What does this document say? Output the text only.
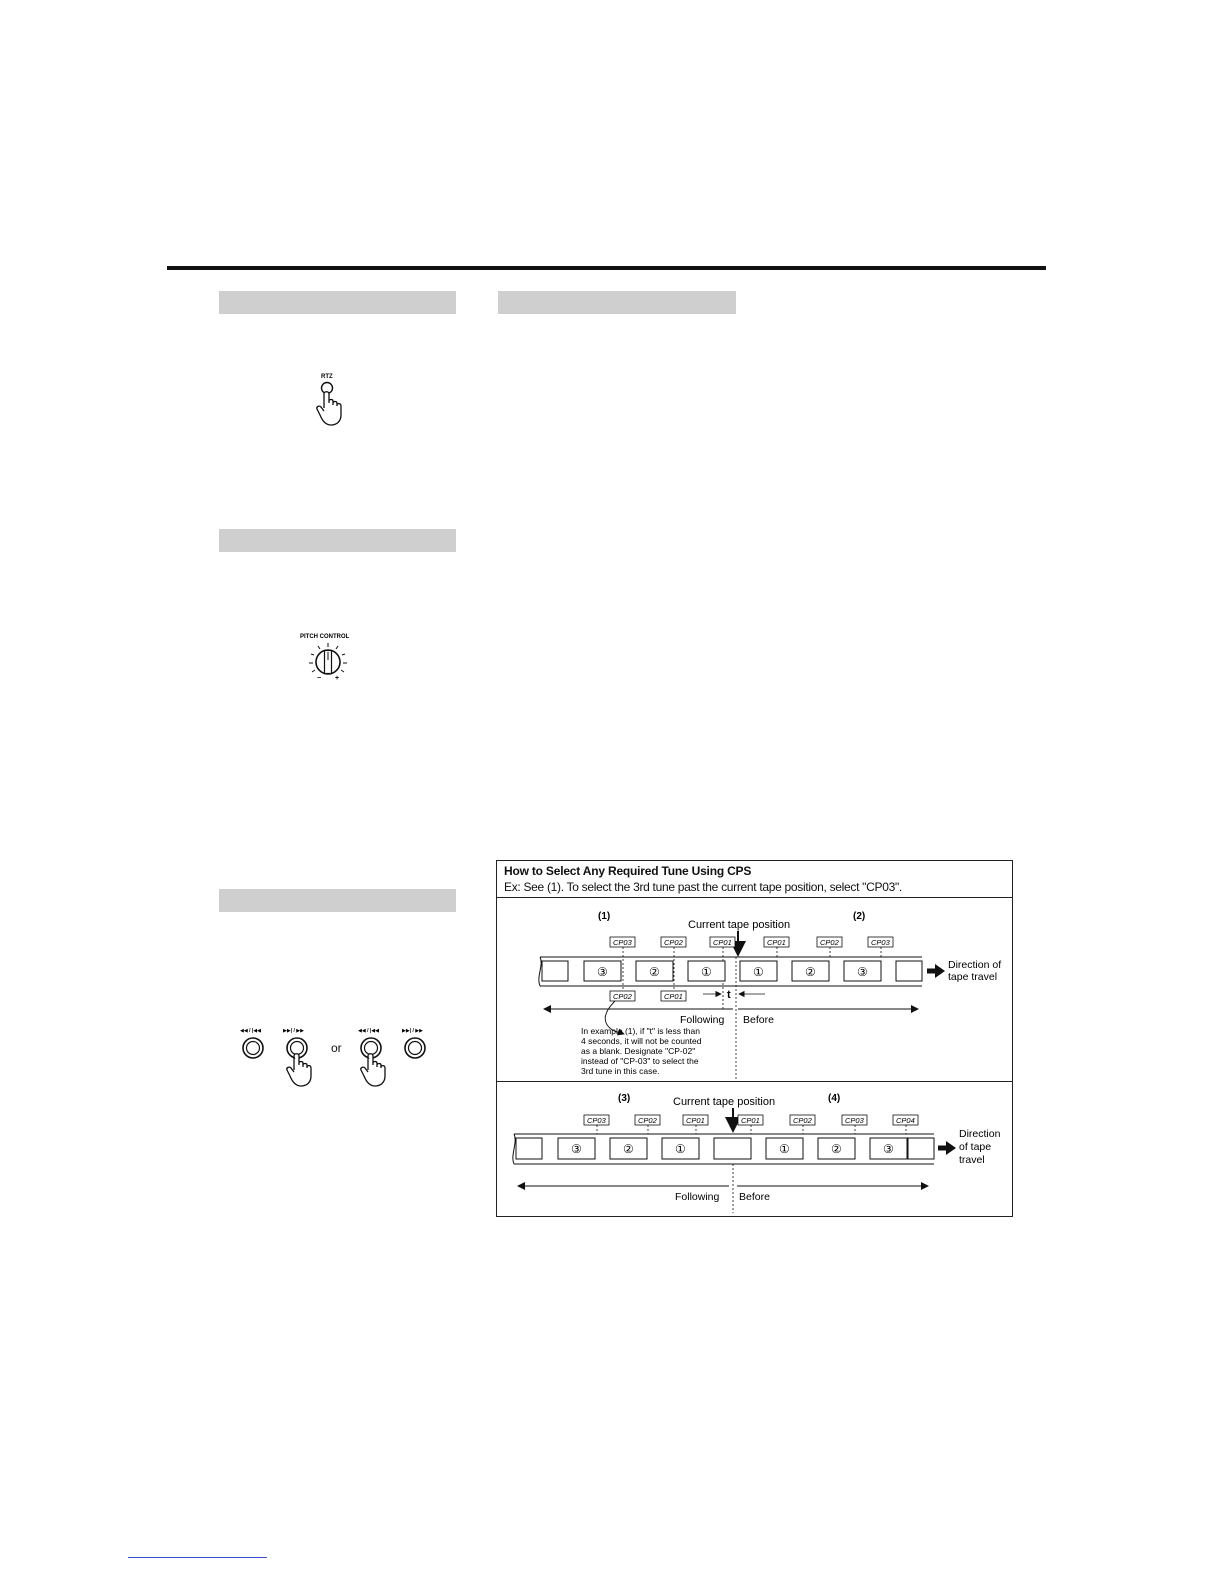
RTZ
PITCH CONTROL
− +
◀◀ / |◀◀	▶▶| / ▶▶	◀◀ / |◀◀	▶▶| / ▶▶
or
How to Select Any Required Tune Using CPS
Ex: See (1). To select the 3rd tune past the current tape position, select "CP03".
(1)	(2)
Current tape position
CP03	CP02	CP01	CP01	CP02	CP03
③	②	①	①	②	③	Direction of
tape travel
CP02	CP01	t
Following Before
In example (1), if "t" is less than
4 seconds, it will not be counted
as a blank. Designate "CP-02"
instead of "CP-03" to select the
3rd tune in this case.
(3)	(4)
Current tape position
CP03	CP02	CP01	CP01	CP02	CP03	CP04
③	②	①	①	②	③
Direction
of tape
travel
Following Before
